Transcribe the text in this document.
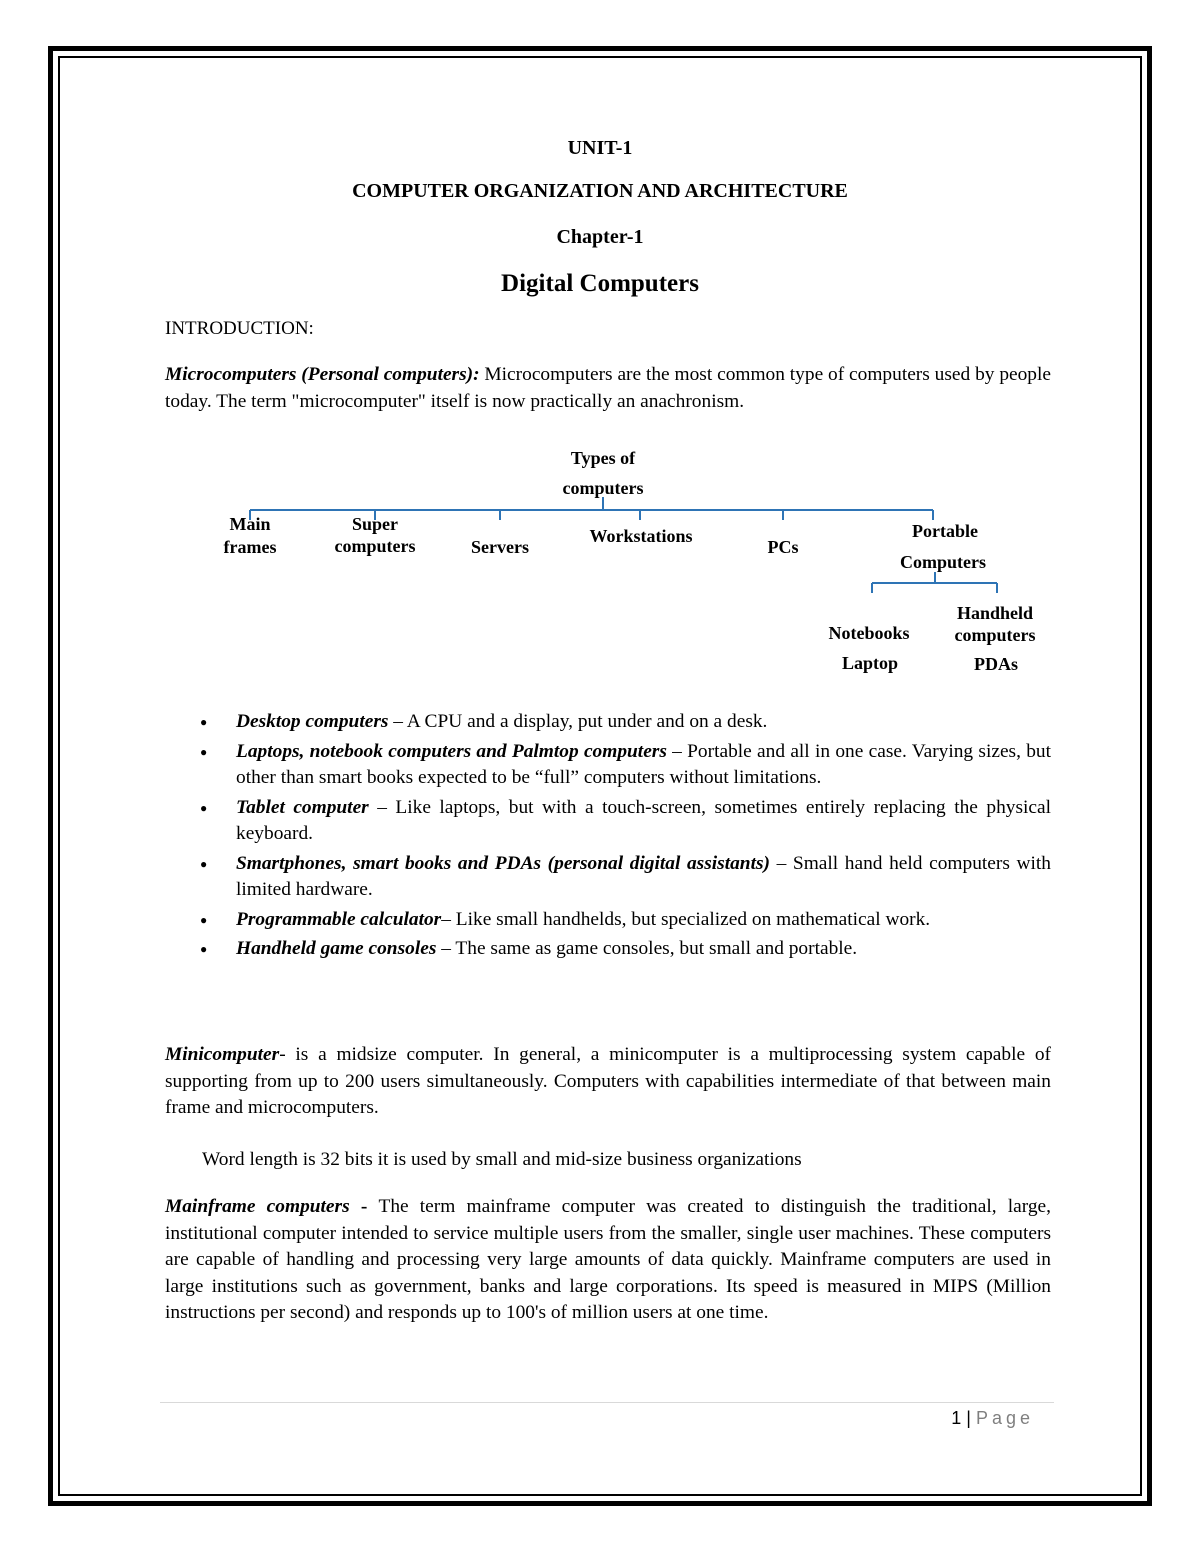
UNIT-1
COMPUTER ORGANIZATION AND ARCHITECTURE
Chapter-1
Digital Computers
INTRODUCTION:

Microcomputers (Personal computers): Microcomputers are the most common type of computers used by people today. The term "microcomputer" itself is now practically an anachronism.

Types of
computers
Main
frames
Super
computers	Servers
Workstations
PCs
Portable
Computers
Notebooks
Laptop
Handheld
computers
PDAs
● Desktop computers – A CPU and a display, put under and on a desk.
● Laptops, notebook computers and Palmtop computers – Portable and all in one case. Varying sizes, but other than smart books expected to be “full” computers without limitations.
● Tablet computer – Like laptops, but with a touch-screen, sometimes entirely replacing the physical keyboard.
● Smartphones, smart books and PDAs (personal digital assistants) – Small hand held computers with limited hardware.
● Programmable calculator– Like small handhelds, but specialized on mathematical work.
● Handheld game consoles – The same as game consoles, but small and portable.

Minicomputer- is a midsize computer. In general, a minicomputer is a multiprocessing system capable of supporting from up to 200 users simultaneously. Computers with capabilities intermediate of that between main frame and microcomputers.

Word length is 32 bits it is used by small and mid-size business organizations

Mainframe computers - The term mainframe computer was created to distinguish the traditional, large, institutional computer intended to service multiple users from the smaller, single user machines. These computers are capable of handling and processing very large amounts of data quickly. Mainframe computers are used in large institutions such as government, banks and large corporations. Its speed is measured in MIPS (Million instructions per second) and responds up to 100's of million users at one time.

1 | Page
